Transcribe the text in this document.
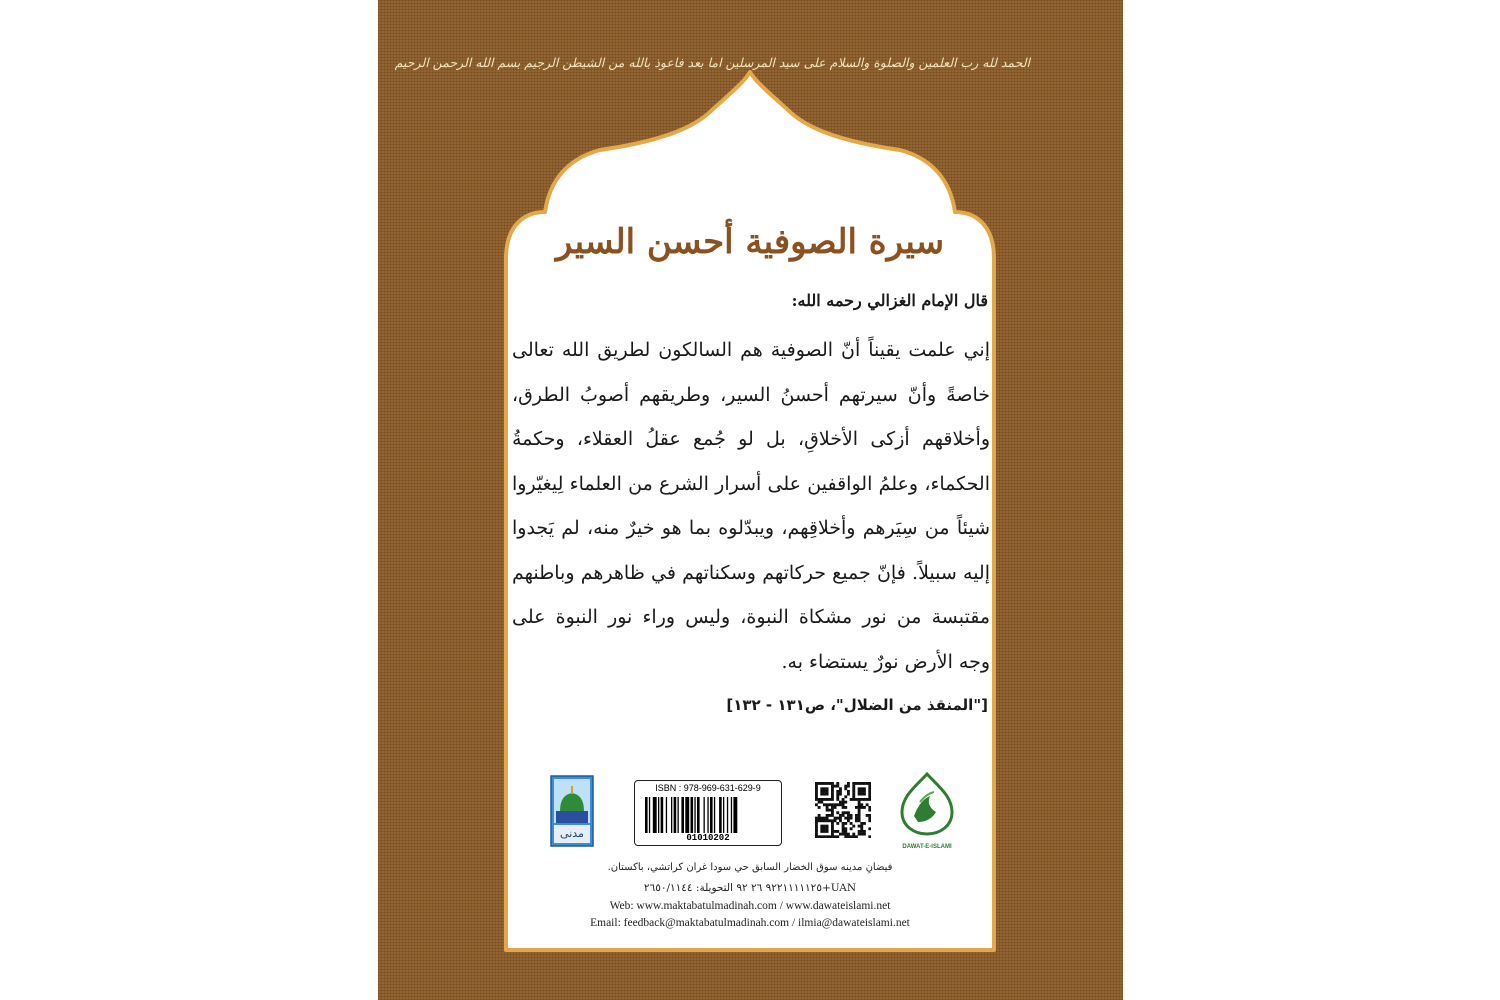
الحمد لله رب العلمين والصلوة والسلام على سيد المرسلين اما بعد فاعوذ بالله من الشيطن الرجيم بسم الله الرحمن الرحيم
سيرة الصوفية أحسن السير
قال الإمام الغزالي رحمه الله:
إني علمت يقيناً أنّ الصوفية هم السالكون لطريق الله تعالى خاصةً وأنّ سيرتهم أحسنُ السير، وطريقهم أصوبُ الطرق، وأخلاقهم أزكى الأخلاقِ، بل لو جُمع عقلُ العقلاء، وحكمةُ الحكماء، وعلمُ الواقفين على أسرار الشرع من العلماء لِيغيّروا شيئاً من سِيَرهم وأخلاقِهم، ويبدّلوه بما هو خيرٌ منه، لم يَجدوا إليه سبيلاً. فإنّ جميع حركاتهم وسكناتهم في ظاهرهم وباطنهم مقتبسة من نور مشكاة النبوة، وليس وراء نور النبوة على وجه الأرض نورٌ يستضاء به.
["المنقذ من الضلال"، ص١٣١ - ١٣٢]
مدنی
ISBN : 978-969-631-629-9
01010202
DAWAT-E-ISLAMI
فيضانِ مدينه سوق الخضار السابق حي سودا غران كراتشي، باكستان.
UAN+٩٢٢١١١١١٢٥ ٢٦ ٩٢ التحويلة: ٢٦٥٠/١١٤٤
Web: www.maktabatulmadinah.com / www.dawateislami.net
Email: feedback@maktabatulmadinah.com / ilmia@dawateislami.net
